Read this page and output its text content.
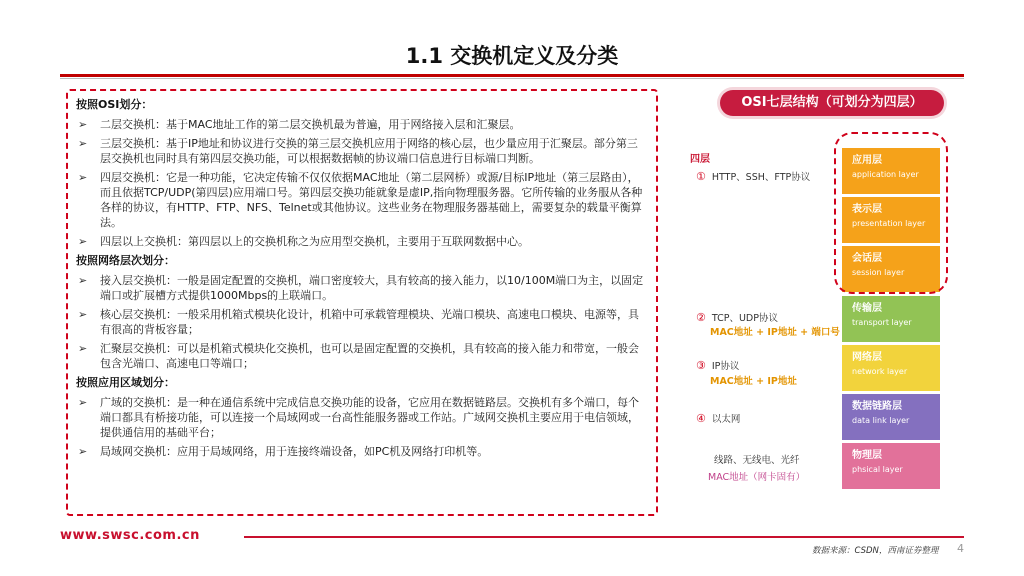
1.1 交换机定义及分类
按照OSI划分：
➢ 二层交换机：基于MAC地址工作的第二层交换机最为普遍，用于网络接入层和汇聚层。
➢ 三层交换机：基于IP地址和协议进行交换的第三层交换机应用于网络的核心层，也少量应用于汇聚层。部分第三层交换机也同时具有第四层交换功能，可以根据数据帧的协议端口信息进行目标端口判断。
➢ 四层交换机：它是一种功能，它决定传输不仅仅依据MAC地址（第二层网桥）或源/目标IP地址（第三层路由），而且依据TCP/UDP(第四层)应用端口号。第四层交换功能就象是虚IP,指向物理服务器。它所传输的业务服从各种各样的协议，有HTTP、FTP、NFS、Telnet或其他协议。这些业务在物理服务器基础上，需要复杂的载量平衡算法。
➢ 四层以上交换机：第四层以上的交换机称之为应用型交换机，主要用于互联网数据中心。
按照网络层次划分：
➢ 接入层交换机：一般是固定配置的交换机，端口密度较大，具有较高的接入能力，以10/100M端口为主，以固定端口或扩展槽方式提供1000Mbps的上联端口。
➢ 核心层交换机：一般采用机箱式模块化设计，机箱中可承载管理模块、光端口模块、高速电口模块、电源等，具有很高的背板容量；
➢ 汇聚层交换机：可以是机箱式模块化交换机，也可以是固定配置的交换机，具有较高的接入能力和带宽，一般会包含光端口、高速电口等端口；
按照应用区域划分：
➢ 广域的交换机：是一种在通信系统中完成信息交换功能的设备，它应用在数据链路层。交换机有多个端口，每个端口都具有桥接功能，可以连接一个局域网或一台高性能服务器或工作站。广域网交换机主要应用于电信领域，提供通信用的基础平台；
➢ 局域网交换机：应用于局域网络，用于连接终端设备，如PC机及网络打印机等。
OSI七层结构（可划分为四层）
四层
① HTTP、SSH、FTP协议
② TCP、UDP协议
MAC地址 + IP地址 + 端口号
③ IP协议
MAC地址 + IP地址
④ 以太网
线路、无线电、光纤
MAC地址（网卡固有）
应用层
application layer
表示层
presentation layer
会话层
session layer
传输层
transport layer
网络层
network layer
数据链路层
data link layer
物理层
phsical layer
www.swsc.com.cn
数据来源：CSDN，西南证券整理 4
